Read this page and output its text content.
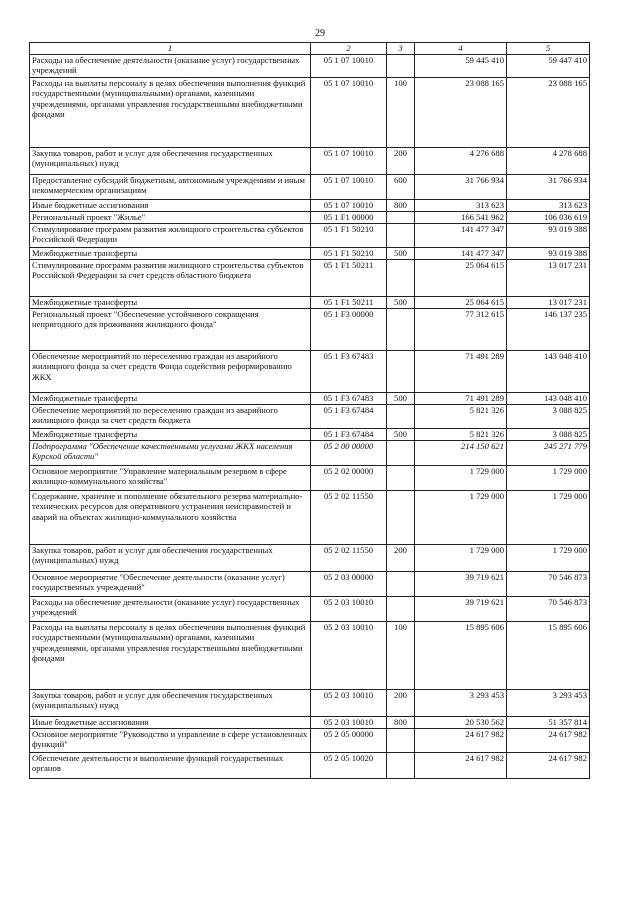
29
1	2	3	4	5
Расходы на обеспечение деятельности (оказание услуг) государственных учреждений	05 1 07 10010		59 445 410	59 447 410
Расходы на выплаты персоналу в целях обеспечения выполнения функций государственными (муниципальными) органами, казенными учреждениями, органами управления государственными внебюджетными фондами	05 1 07 10010	100	23 088 165	23 088 165
Закупка товаров, работ и услуг для обеспечения государственных (муниципальных) нужд	05 1 07 10010	200	4 276 688	4 278 688
Предоставление субсидий бюджетным, автономным учреждениям и иным некоммерческим организациям	05 1 07 10010	600	31 766 934	31 766 934
Иные бюджетные ассигнования	05 1 07 10010	800	313 623	313 623
Региональный проект "Жилье"	05 1 F1 00000		166 541 962	106 036 619
Стимулирование программ развития жилищного строительства субъектов Российской Федерации	05 1 F1 50210		141 477 347	93 019 388
Межбюджетные трансферты	05 1 F1 50210	500	141 477 347	93 019 388
Стимулирование программ развития жилищного строительства субъектов Российской Федерации за счет средств областного бюджета	05 1 F1 50211		25 064 615	13 017 231
Межбюджетные трансферты	05 1 F1 50211	500	25 064 615	13 017 231
Региональный проект "Обеспечение устойчивого сокращения непригодного для проживания жилищного фонда"	05 1 F3 00000		77 312 615	146 137 235
Обеспечение мероприятий по переселению граждан из аварийного жилищного фонда за счет средств Фонда содействия реформированию ЖКХ	05 1 F3 67483		71 491 289	143 048 410
Межбюджетные трансферты	05 1 F3 67483	500	71 491 289	143 048 410
Обеспечение мероприятий по переселению граждан из аварийного жилищного фонда за счет средств бюджета	05 1 F3 67484		5 821 326	3 088 825
Межбюджетные трансферты	05 1 F3 67484	500	5 821 326	3 088 825
Подпрограмма "Обеспечение качественными услугами ЖКХ населения Курской области"	05 2 00 00000		214 150 621	245 271 779
Основное мероприятие "Управление материальным резервом в сфере жилищно-коммунального хозяйства"	05 2 02 00000		1 729 000	1 729 000
Содержание, хранение и пополнение обязательного резерва материально-технических ресурсов для оперативного устранения неисправностей и аварий на объектах жилищно-коммунального хозяйства	05 2 02 11550		1 729 000	1 729 000
Закупка товаров, работ и услуг для обеспечения государственных (муниципальных) нужд	05 2 02 11550	200	1 729 000	1 729 000
Основное мероприятие "Обеспечение деятельности (оказание услуг) государственных учреждений"	05 2 03 00000		39 719 621	70 546 873
Расходы на обеспечение деятельности (оказание услуг) государственных учреждений	05 2 03 10010		39 719 621	70 546 873
Расходы на выплаты персоналу в целях обеспечения выполнения функций государственными (муниципальными) органами, казенными учреждениями, органами управления государственными внебюджетными фондами	05 2 03 10010	100	15 895 606	15 895 606
Закупка товаров, работ и услуг для обеспечения государственных (муниципальных) нужд	05 2 03 10010	200	3 293 453	3 293 453
Иные бюджетные ассигнования	05 2 03 10010	800	20 530 562	51 357 814
Основное мероприятие "Руководство и управление в сфере установленных функций"	05 2 05 00000		24 617 982	24 617 982
Обеспечение деятельности и выполнение функций государственных органов	05 2 05 10020		24 617 982	24 617 982
